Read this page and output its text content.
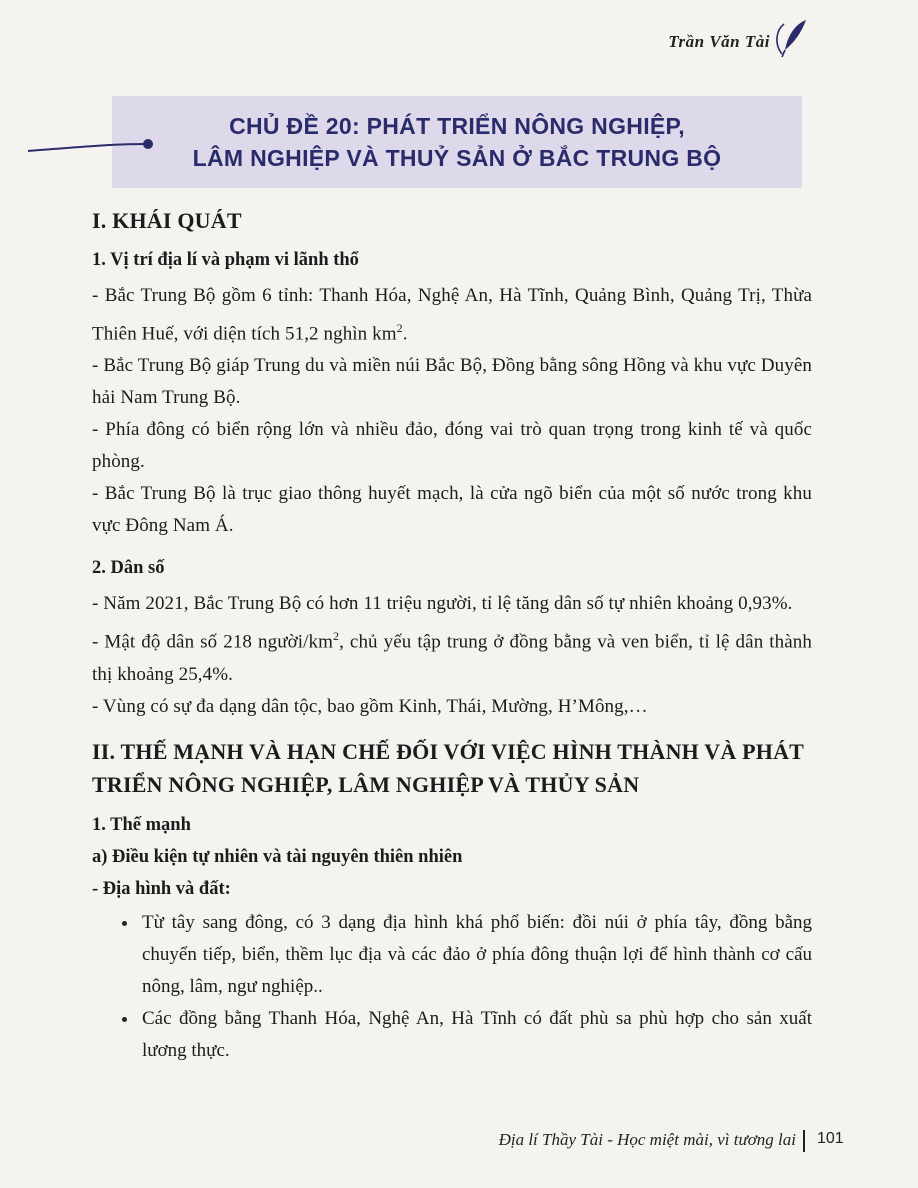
Trần Văn Tài
CHỦ ĐỀ 20: PHÁT TRIỂN NÔNG NGHIỆP,
LÂM NGHIỆP VÀ THUỶ SẢN Ở BẮC TRUNG BỘ
I. KHÁI QUÁT
1. Vị trí địa lí và phạm vi lãnh thổ

- Bắc Trung Bộ gồm 6 tỉnh: Thanh Hóa, Nghệ An, Hà Tĩnh, Quảng Bình, Quảng Trị, Thừa Thiên Huế, với diện tích 51,2 nghìn $km^2$.

- Bắc Trung Bộ giáp Trung du và miền núi Bắc Bộ, Đồng bằng sông Hồng và khu vực Duyên hải Nam Trung Bộ.

- Phía đông có biển rộng lớn và nhiều đảo, đóng vai trò quan trọng trong kinh tế và quốc phòng.

- Bắc Trung Bộ là trục giao thông huyết mạch, là cửa ngõ biển của một số nước trong khu vực Đông Nam Á.

2. Dân số

- Năm 2021, Bắc Trung Bộ có hơn 11 triệu người, tỉ lệ tăng dân số tự nhiên khoảng 0,93%.

- Mật độ dân số 218 người/$km^2$, chủ yếu tập trung ở đồng bằng và ven biển, tỉ lệ dân thành thị khoảng 25,4%.

- Vùng có sự đa dạng dân tộc, bao gồm Kinh, Thái, Mường, H’Mông,…

II. THẾ MẠNH VÀ HẠN CHẾ ĐỐI VỚI VIỆC HÌNH THÀNH VÀ PHÁT TRIỂN NÔNG NGHIỆP, LÂM NGHIỆP VÀ THỦY SẢN
1. Thế mạnh
a) Điều kiện tự nhiên và tài nguyên thiên nhiên
- Địa hình và đất:
Từ tây sang đông, có 3 dạng địa hình khá phổ biến: đồi núi ở phía tây, đồng bằng chuyển tiếp, biển, thềm lục địa và các đảo ở phía đông thuận lợi để hình thành cơ cấu nông, lâm, ngư nghiệp..
Các đồng bằng Thanh Hóa, Nghệ An, Hà Tĩnh có đất phù sa phù hợp cho sản xuất lương thực.
Địa lí Thầy Tài - Học miệt mài, vì tương lai 101
